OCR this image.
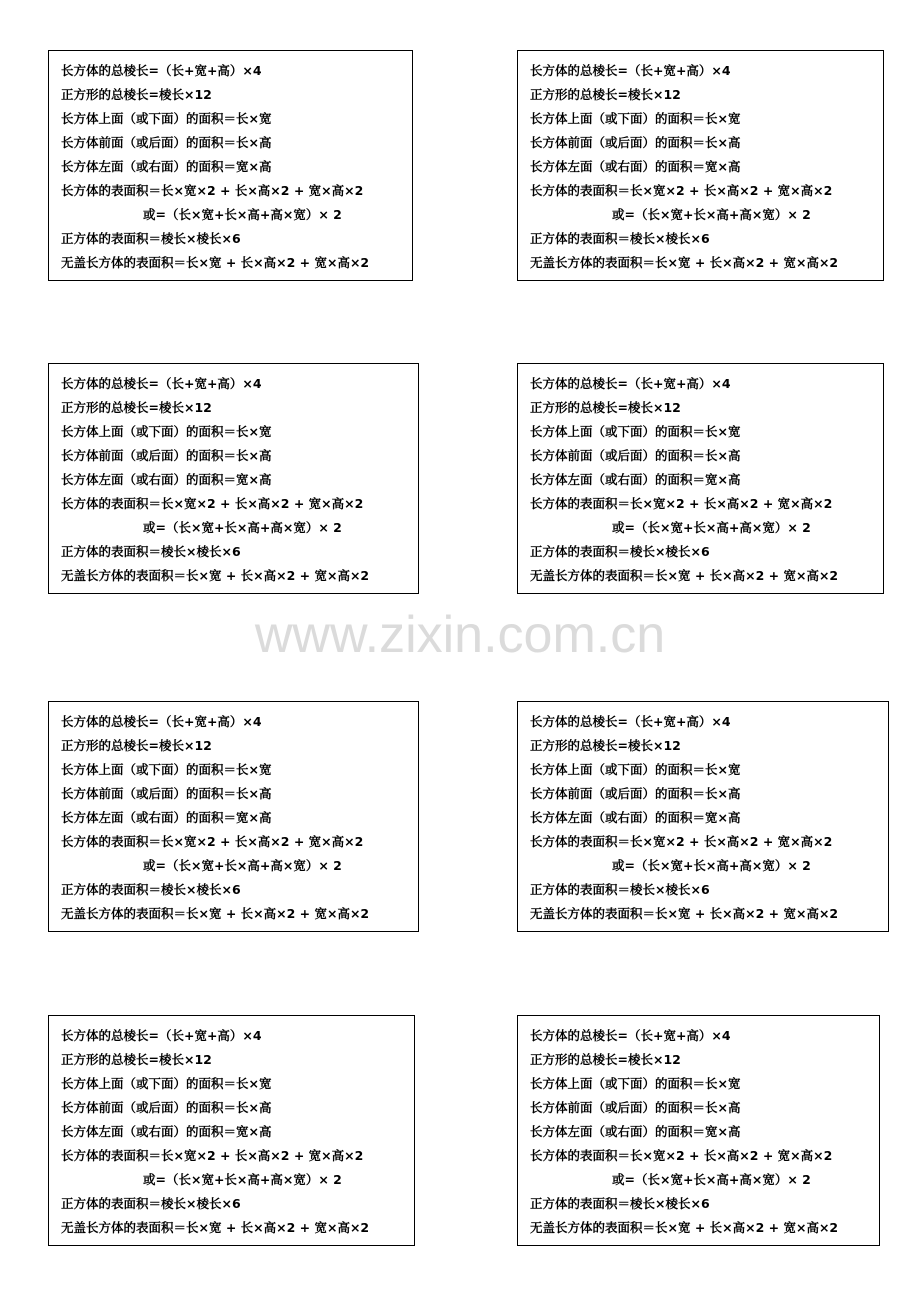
长方体的总棱长=（长+宽+高）×4
正方形的总棱长=棱长×12
长方体上面（或下面）的面积＝长×宽
长方体前面（或后面）的面积＝长×高
长方体左面（或右面）的面积＝宽×高
长方体的表面积＝长×宽×2 + 长×高×2 + 宽×高×2
或=（长×宽+长×高+高×宽）× 2
正方体的表面积＝棱长×棱长×6
无盖长方体的表面积＝长×宽 + 长×高×2 + 宽×高×2
长方体的总棱长=（长+宽+高）×4
正方形的总棱长=棱长×12
长方体上面（或下面）的面积＝长×宽
长方体前面（或后面）的面积＝长×高
长方体左面（或右面）的面积＝宽×高
长方体的表面积＝长×宽×2 + 长×高×2 + 宽×高×2
或=（长×宽+长×高+高×宽）× 2
正方体的表面积＝棱长×棱长×6
无盖长方体的表面积＝长×宽 + 长×高×2 + 宽×高×2
长方体的总棱长=（长+宽+高）×4
正方形的总棱长=棱长×12
长方体上面（或下面）的面积＝长×宽
长方体前面（或后面）的面积＝长×高
长方体左面（或右面）的面积＝宽×高
长方体的表面积＝长×宽×2 + 长×高×2 + 宽×高×2
或=（长×宽+长×高+高×宽）× 2
正方体的表面积＝棱长×棱长×6
无盖长方体的表面积＝长×宽 + 长×高×2 + 宽×高×2
长方体的总棱长=（长+宽+高）×4
正方形的总棱长=棱长×12
长方体上面（或下面）的面积＝长×宽
长方体前面（或后面）的面积＝长×高
长方体左面（或右面）的面积＝宽×高
长方体的表面积＝长×宽×2 + 长×高×2 + 宽×高×2
或=（长×宽+长×高+高×宽）× 2
正方体的表面积＝棱长×棱长×6
无盖长方体的表面积＝长×宽 + 长×高×2 + 宽×高×2
www.zixin.com.cn
长方体的总棱长=（长+宽+高）×4
正方形的总棱长=棱长×12
长方体上面（或下面）的面积＝长×宽
长方体前面（或后面）的面积＝长×高
长方体左面（或右面）的面积＝宽×高
长方体的表面积＝长×宽×2 + 长×高×2 + 宽×高×2
或=（长×宽+长×高+高×宽）× 2
正方体的表面积＝棱长×棱长×6
无盖长方体的表面积＝长×宽 + 长×高×2 + 宽×高×2
长方体的总棱长=（长+宽+高）×4
正方形的总棱长=棱长×12
长方体上面（或下面）的面积＝长×宽
长方体前面（或后面）的面积＝长×高
长方体左面（或右面）的面积＝宽×高
长方体的表面积＝长×宽×2 + 长×高×2 + 宽×高×2
或=（长×宽+长×高+高×宽）× 2
正方体的表面积＝棱长×棱长×6
无盖长方体的表面积＝长×宽 + 长×高×2 + 宽×高×2
长方体的总棱长=（长+宽+高）×4
正方形的总棱长=棱长×12
长方体上面（或下面）的面积＝长×宽
长方体前面（或后面）的面积＝长×高
长方体左面（或右面）的面积＝宽×高
长方体的表面积＝长×宽×2 + 长×高×2 + 宽×高×2
或=（长×宽+长×高+高×宽）× 2
正方体的表面积＝棱长×棱长×6
无盖长方体的表面积＝长×宽 + 长×高×2 + 宽×高×2
长方体的总棱长=（长+宽+高）×4
正方形的总棱长=棱长×12
长方体上面（或下面）的面积＝长×宽
长方体前面（或后面）的面积＝长×高
长方体左面（或右面）的面积＝宽×高
长方体的表面积＝长×宽×2 + 长×高×2 + 宽×高×2
或=（长×宽+长×高+高×宽）× 2
正方体的表面积＝棱长×棱长×6
无盖长方体的表面积＝长×宽 + 长×高×2 + 宽×高×2
